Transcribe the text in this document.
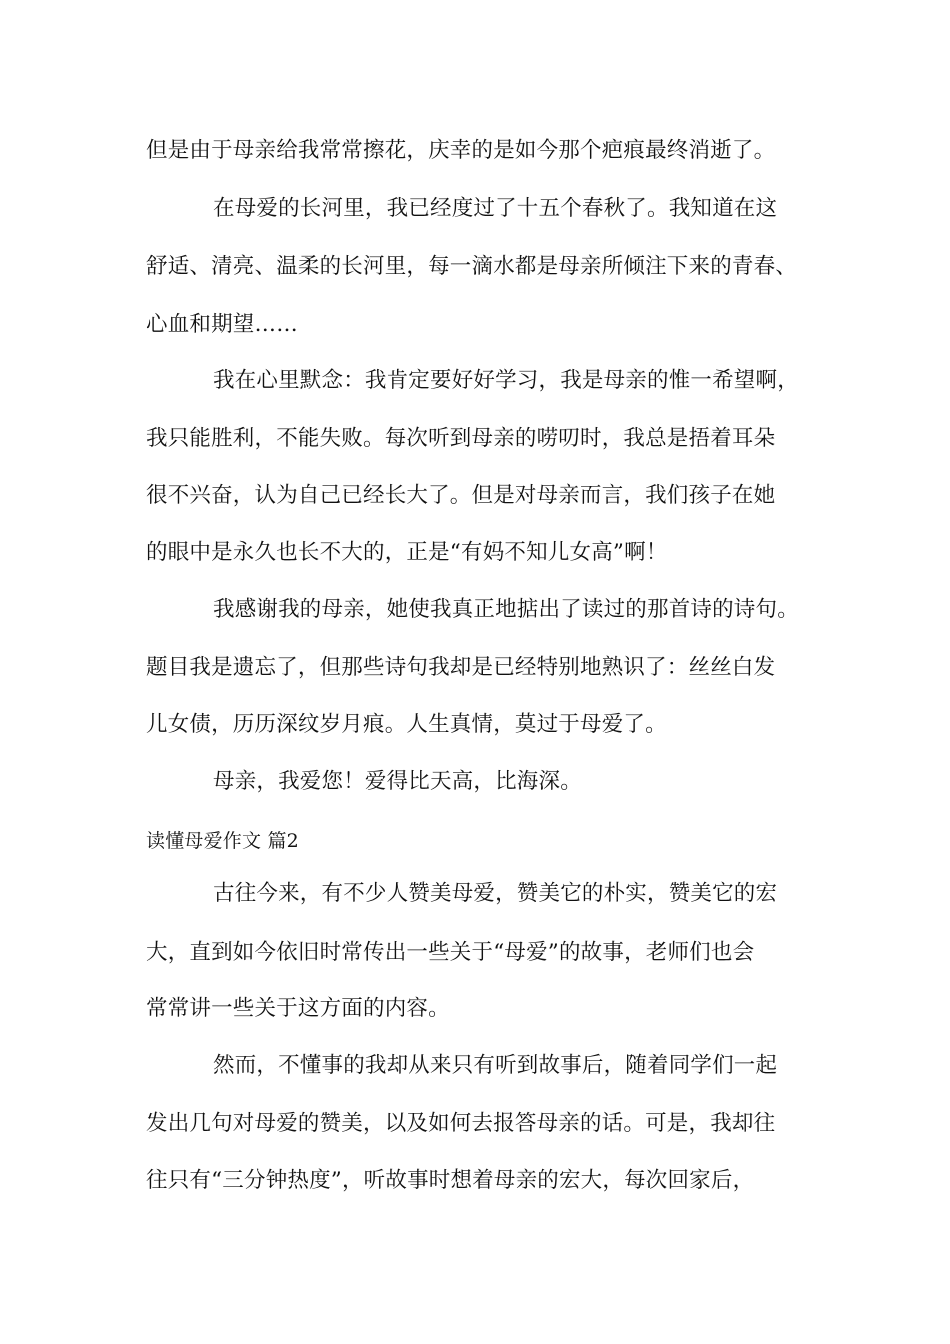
但是由于母亲给我常常擦花，庆幸的是如今那个疤痕最终消逝了。
在母爱的长河里，我已经度过了十五个春秋了。我知道在这
舒适、清亮、温柔的长河里，每一滴水都是母亲所倾注下来的青春、
心血和期望……
我在心里默念：我肯定要好好学习，我是母亲的惟一希望啊，
我只能胜利，不能失败。每次听到母亲的唠叨时，我总是捂着耳朵
很不兴奋，认为自己已经长大了。但是对母亲而言，我们孩子在她
的眼中是永久也长不大的，正是“有妈不知儿女高”啊！
我感谢我的母亲，她使我真正地掂出了读过的那首诗的诗句。
题目我是遗忘了，但那些诗句我却是已经特别地熟识了：丝丝白发
儿女债，历历深纹岁月痕。人生真情，莫过于母爱了。
母亲，我爱您！爱得比天高，比海深。
读懂母爱作文 篇2
古往今来，有不少人赞美母爱，赞美它的朴实，赞美它的宏
大，直到如今依旧时常传出一些关于“母爱”的故事，老师们也会
常常讲一些关于这方面的内容。
然而，不懂事的我却从来只有听到故事后，随着同学们一起
发出几句对母爱的赞美，以及如何去报答母亲的话。可是，我却往
往只有“三分钟热度”，听故事时想着母亲的宏大，每次回家后，
